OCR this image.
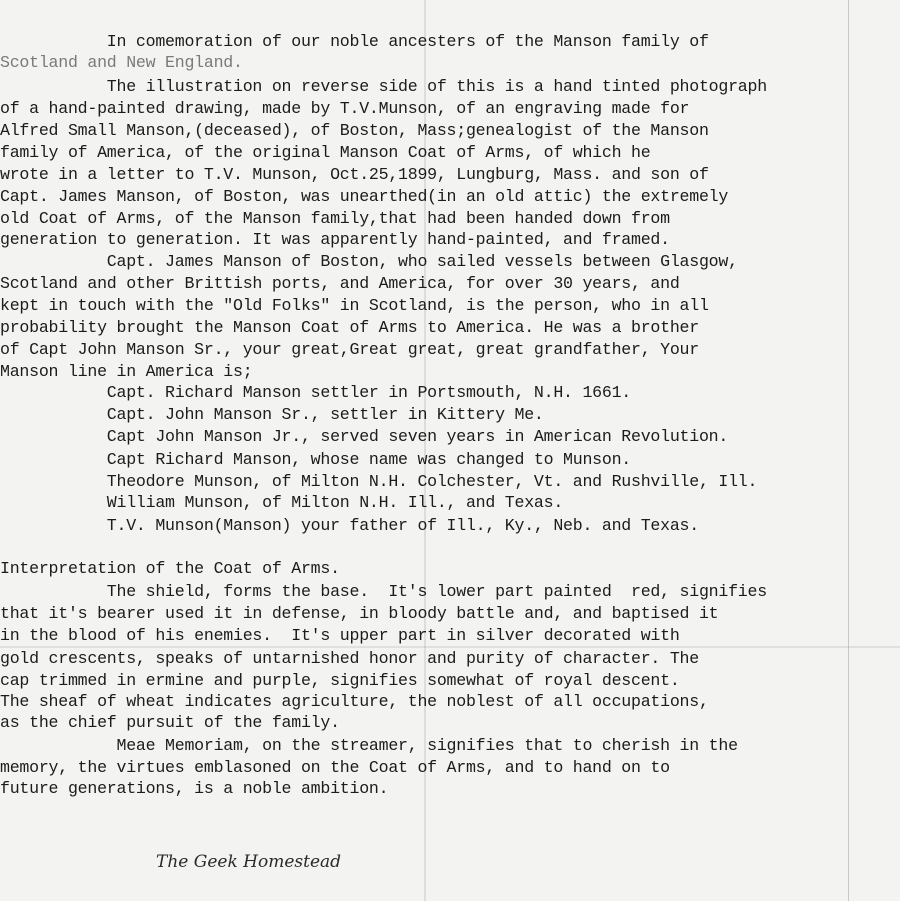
In comemoration of our noble ancesters of the Manson family of
Scotland and New England.
The illustration on reverse side of this is a hand tinted photograph
of a hand-painted drawing, made by T.V.Munson, of an engraving made for
Alfred Small Manson,(deceased), of Boston, Mass;genealogist of the Manson
family of America, of the original Manson Coat of Arms, of which he
wrote in a letter to T.V. Munson, Oct.25,1899, Lungburg, Mass. and son of
Capt. James Manson, of Boston, was unearthed(in an old attic) the extremely
old Coat of Arms, of the Manson family,that had been handed down from
generation to generation. It was apparently hand-painted, and framed.
Capt. James Manson of Boston, who sailed vessels between Glasgow,
Scotland and other Brittish ports, and America, for over 30 years, and
kept in touch with the "Old Folks" in Scotland, is the person, who in all
probability brought the Manson Coat of Arms to America. He was a brother
of Capt John Manson Sr., your great,Great great, great grandfather, Your
Manson line in America is;
Capt. Richard Manson settler in Portsmouth, N.H. 1661.
Capt. John Manson Sr., settler in Kittery Me.
Capt John Manson Jr., served seven years in American Revolution.
Capt Richard Manson, whose name was changed to Munson.
Theodore Munson, of Milton N.H. Colchester, Vt. and Rushville, Ill.
William Munson, of Milton N.H. Ill., and Texas.
T.V. Munson(Manson) your father of Ill., Ky., Neb. and Texas.
Interpretation of the Coat of Arms.
The shield, forms the base.  It's lower part painted  red, signifies
that it's bearer used it in defense, in bloody battle and, and baptised it
in the blood of his enemies.  It's upper part in silver decorated with
gold crescents, speaks of untarnished honor and purity of character. The
cap trimmed in ermine and purple, signifies somewhat of royal descent.
The sheaf of wheat indicates agriculture, the noblest of all occupations,
as the chief pursuit of the family.
Meae Memoriam, on the streamer, signifies that to cherish in the
memory, the virtues emblasoned on the Coat of Arms, and to hand on to
future generations, is a noble ambition.
The Geek Homestead
